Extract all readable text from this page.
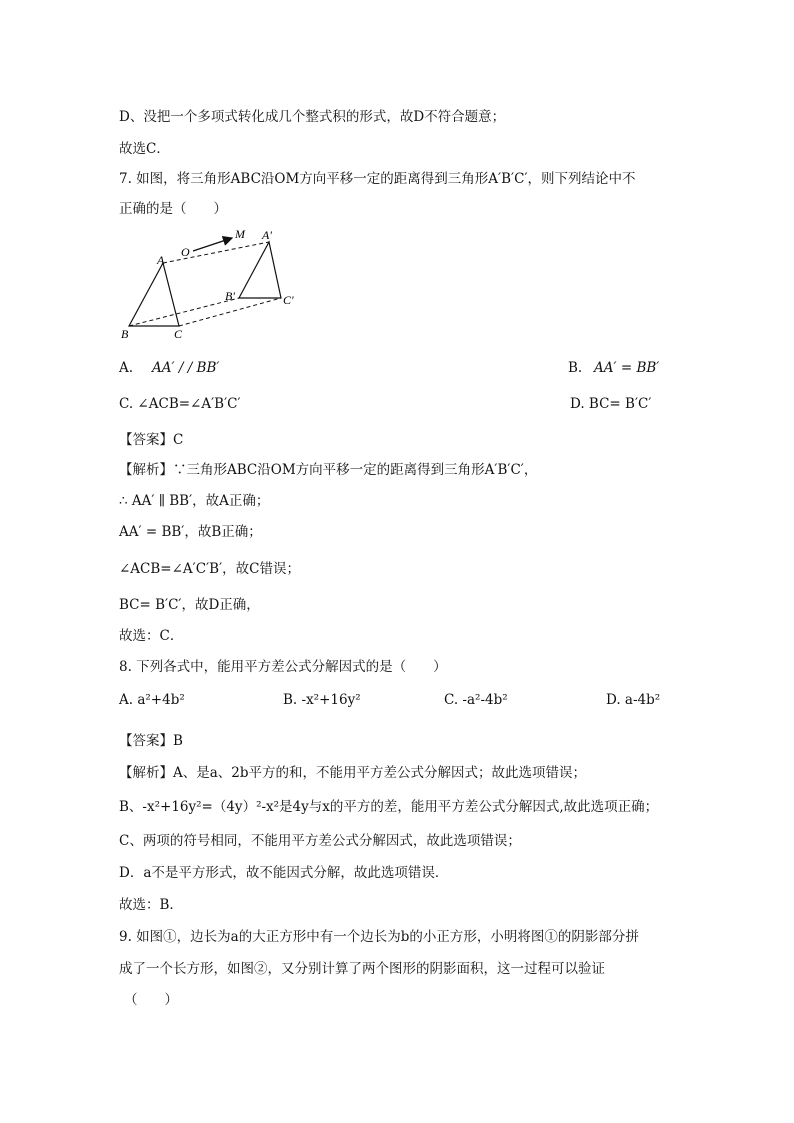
D、没把一个多项式转化成几个整式积的形式，故D不符合题意；
故选C．
7. 如图，将三角形ABC沿OM方向平移一定的距离得到三角形A′B′C′，则下列结论中不
正确的是（　　）
O
M
A
B	C
A′
B′	C′
A. AA′ / / BB′	B. AA′ = BB′
C. ∠ACB=∠A′B′C′	D. BC= B′C′
【答案】C
【解析】∵三角形ABC沿OM方向平移一定的距离得到三角形A′B′C′，
∴ AA′ ∥ BB′，故A正确；
AA′ = BB′，故B正确；
∠ACB=∠A′C′B′，故C错误；
BC= B′C′，故D正确，
故选：C．
8. 下列各式中，能用平方差公式分解因式的是（　　）
A. a²+4b²	B. -x²+16y²	C. -a²-4b²	D. a-4b²
【答案】B
【解析】A、是a、2b平方的和，不能用平方差公式分解因式；故此选项错误；
B、-x²+16y²=（4y）²-x²是4y与x的平方的差，能用平方差公式分解因式,故此选项正确；
C、两项的符号相同，不能用平方差公式分解因式，故此选项错误；
D．a不是平方形式，故不能因式分解，故此选项错误．
故选：B．
9. 如图①，边长为a的大正方形中有一个边长为b的小正方形，小明将图①的阴影部分拼
成了一个长方形，如图②，又分别计算了两个图形的阴影面积，这一过程可以验证
（　　）
